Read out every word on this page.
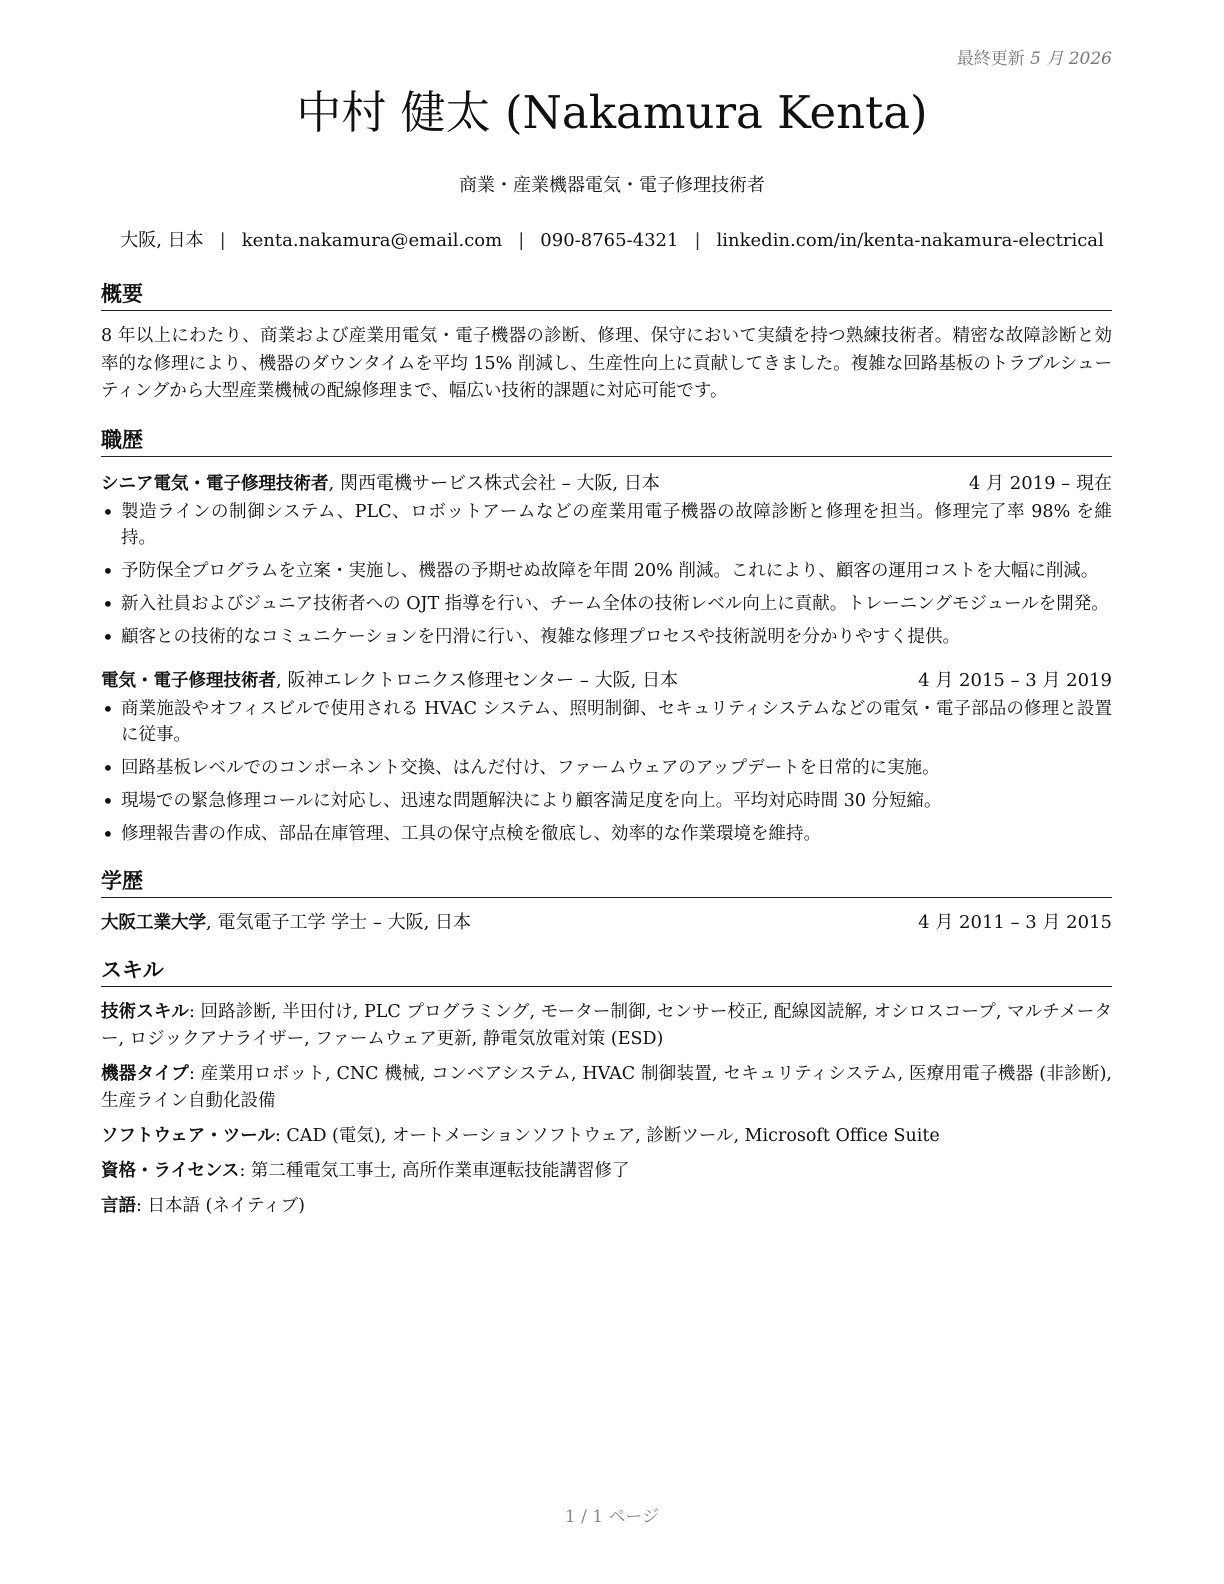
最終更新 5 月 2026
中村 健太 (Nakamura Kenta)
商業・産業機器電気・電子修理技術者
大阪, 日本 | kenta.nakamura@email.com | 090-8765-4321 | linkedin.com/in/kenta-nakamura-electrical
概要

8 年以上にわたり、商業および産業用電気・電子機器の診断、修理、保守において実績を持つ熟練技術者。精密な故障診断と効率的な修理により、機器のダウンタイムを平均 15% 削減し、生産性向上に貢献してきました。複雑な回路基板のトラブルシューティングから大型産業機械の配線修理まで、幅広い技術的課題に対応可能です。

職歴
シニア電気・電子修理技術者, 関西電機サービス株式会社 – 大阪, 日本	4 月 2019 – 現在
• 製造ラインの制御システム、PLC、ロボットアームなどの産業用電子機器の故障診断と修理を担当。修理完了率 98% を維持。
• 予防保全プログラムを立案・実施し、機器の予期せぬ故障を年間 20% 削減。これにより、顧客の運用コストを大幅に削減。
• 新入社員およびジュニア技術者への OJT 指導を行い、チーム全体の技術レベル向上に貢献。トレーニングモジュールを開発。
• 顧客との技術的なコミュニケーションを円滑に行い、複雑な修理プロセスや技術説明を分かりやすく提供。
電気・電子修理技術者, 阪神エレクトロニクス修理センター – 大阪, 日本	4 月 2015 – 3 月 2019
• 商業施設やオフィスビルで使用される HVAC システム、照明制御、セキュリティシステムなどの電気・電子部品の修理と設置に従事。
• 回路基板レベルでのコンポーネント交換、はんだ付け、ファームウェアのアップデートを日常的に実施。
• 現場での緊急修理コールに対応し、迅速な問題解決により顧客満足度を向上。平均対応時間 30 分短縮。
• 修理報告書の作成、部品在庫管理、工具の保守点検を徹底し、効率的な作業環境を維持。
学歴
大阪工業大学, 電気電子工学 学士 – 大阪, 日本	4 月 2011 – 3 月 2015
スキル
技術スキル: 回路診断, 半田付け, PLC プログラミング, モーター制御, センサー校正, 配線図読解, オシロスコープ, マルチメーター, ロジックアナライザー, ファームウェア更新, 静電気放電対策 (ESD)
機器タイプ: 産業用ロボット, CNC 機械, コンベアシステム, HVAC 制御装置, セキュリティシステム, 医療用電子機器 (非診断), 生産ライン自動化設備
ソフトウェア・ツール: CAD (電気), オートメーションソフトウェア, 診断ツール, Microsoft Office Suite
資格・ライセンス: 第二種電気工事士, 高所作業車運転技能講習修了
言語: 日本語 (ネイティブ)
1 / 1 ページ
